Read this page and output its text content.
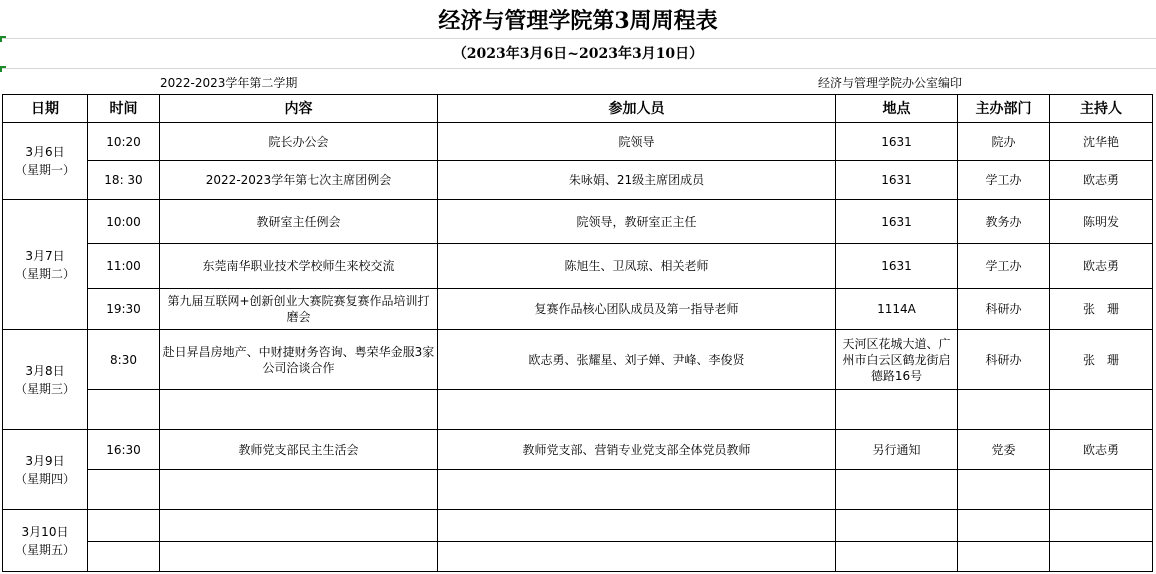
经济与管理学院第3周周程表
（2023年3月6日~2023年3月10日）
2022-2023学年第二学期	经济与管理学院办公室编印
日期	时间	内容	参加人员	地点	主办部门	主持人
3月6日
（星期一）	10:20	院长办公会	院领导	1631	院办	沈华艳
	18: 30	2022-2023学年第七次主席团例会	朱咏娟、21级主席团成员	1631	学工办	欧志勇
3月7日
（星期二）	10:00	教研室主任例会	院领导，教研室正主任	1631	教务办	陈明发
	11:00	东莞南华职业技术学校师生来校交流	陈旭生、卫凤琼、相关老师	1631	学工办	欧志勇
	19:30	第九届互联网+创新创业大赛院赛复赛作品培训打磨会	复赛作品核心团队成员及第一指导老师	1114A	科研办	张　珊
3月8日
（星期三）	8:30	赴日昇昌房地产、中财捷财务咨询、粤荣华金服3家公司洽谈合作	欧志勇、张耀星、刘子婵、尹峰、李俊贤	天河区花城大道、广州市白云区鹤龙街启德路16号	科研办	张　珊

3月9日
（星期四）	16:30	教师党支部民主生活会	教师党支部、营销专业党支部全体党员教师	另行通知	党委	欧志勇

3月10日
（星期五）						
